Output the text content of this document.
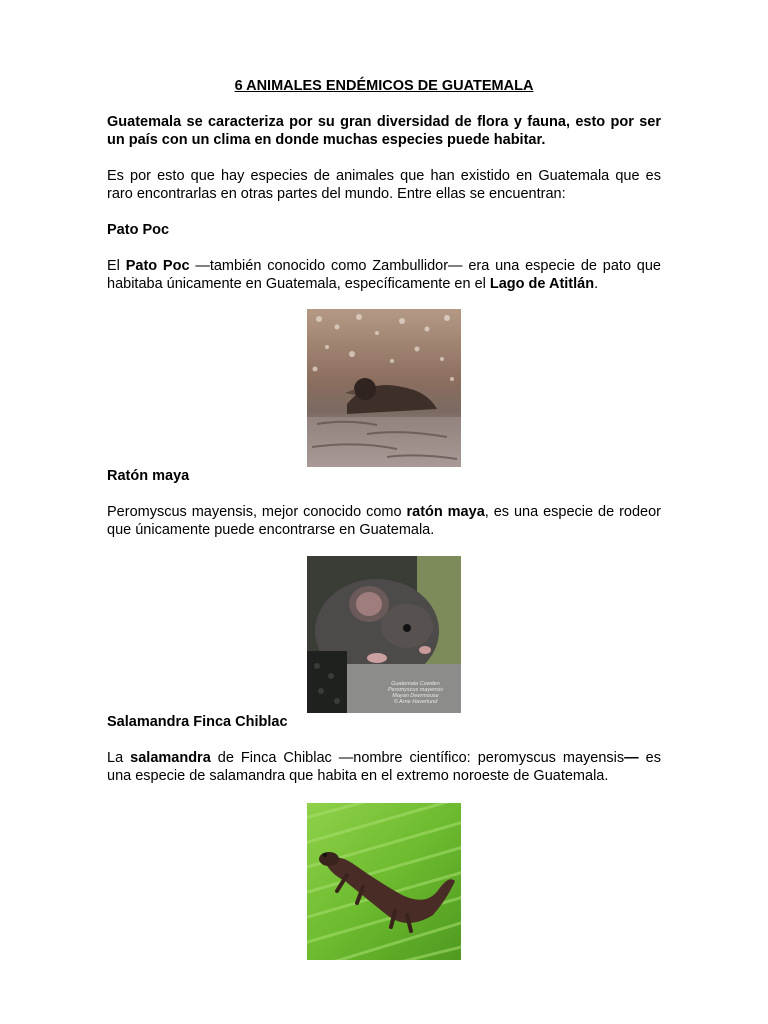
6 ANIMALES ENDÉMICOS DE GUATEMALA
Guatemala se caracteriza por su gran diversidad de flora y fauna, esto por ser un país con un clima en donde muchas especies puede habitar.
Es por esto que hay especies de animales que han existido en Guatemala que es raro encontrarlas en otras partes del mundo. Entre ellas se encuentran:
Pato Poc
El Pato Poc —también conocido como Zambullidor— era una especie de pato que habitaba únicamente en Guatemala, específicamente en el Lago de Atitlán.
Ratón maya
Peromyscus mayensis, mejor conocido como ratón maya, es una especie de rodeor que únicamente puede encontrarse en Guatemala.
Guatemala Cowden
Peromyscus mayensis
Mayan Deermouse
© Arne Haverlund
Salamandra Finca Chiblac
La salamandra de Finca Chiblac —nombre científico: peromyscus mayensis— es una especie de salamandra que habita en el extremo noroeste de Guatemala.
